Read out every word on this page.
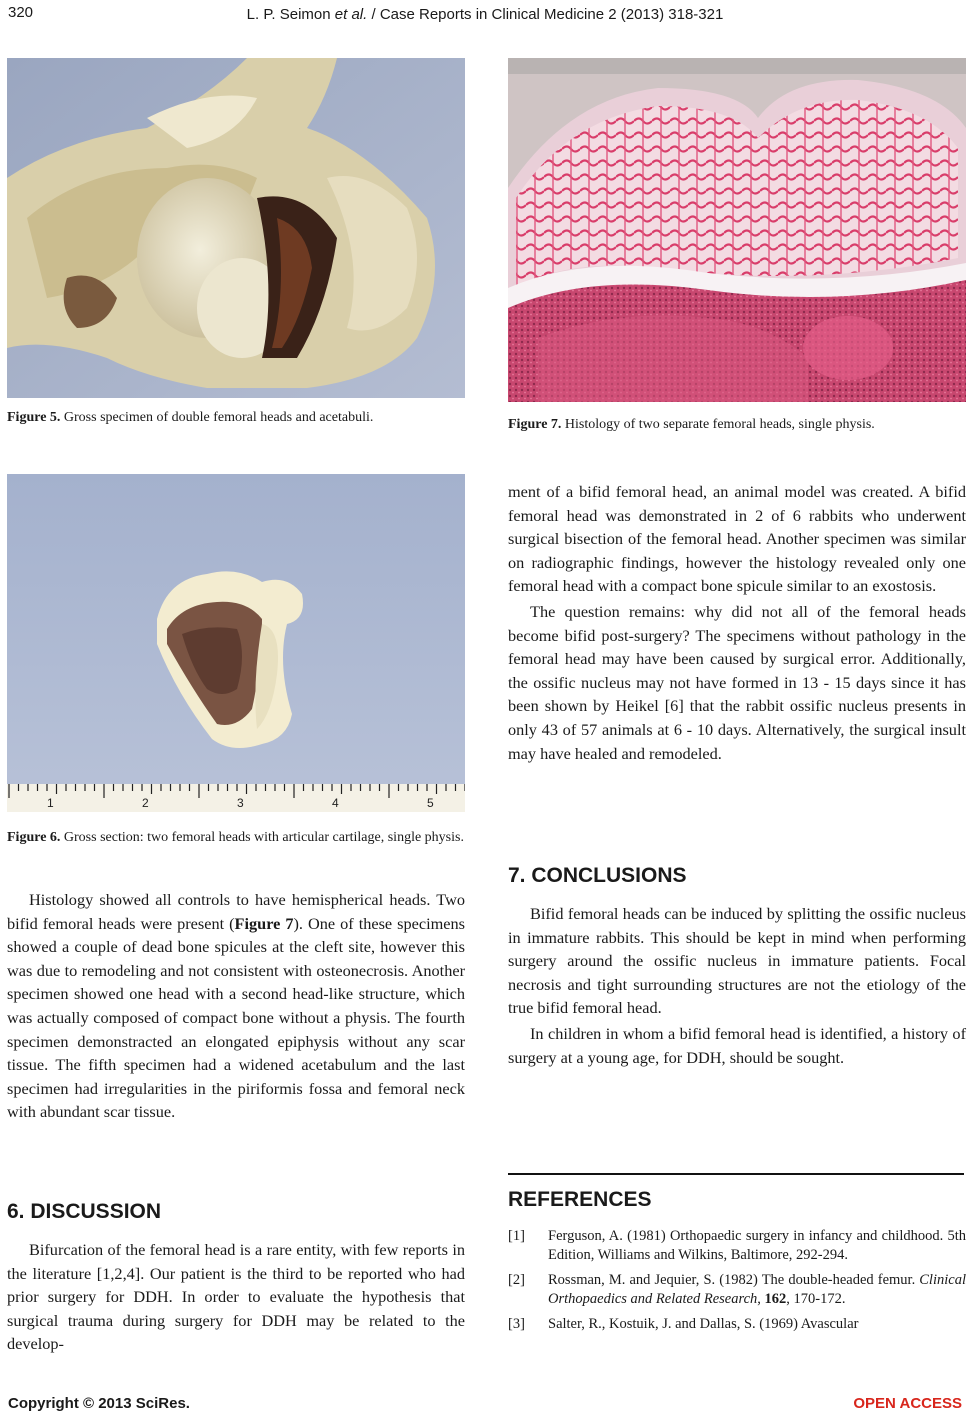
320	L. P. Seimon et al. / Case Reports in Clinical Medicine 2 (2013) 318-321
Figure 5. Gross specimen of double femoral heads and acetabuli.
1	2	3	4	5
Figure 6. Gross section: two femoral heads with articular cartilage, single physis.

Histology showed all controls to have hemispherical heads. Two bifid femoral heads were present (Figure 7). One of these specimens showed a couple of dead bone spicules at the cleft site, however this was due to remodeling and not consistent with osteonecrosis. Another specimen showed one head with a second head-like structure, which was actually composed of compact bone without a physis. The fourth specimen demonstracted an elongated epiphysis without any scar tissue. The fifth specimen had a widened acetabulum and the last specimen had irregularities in the piriformis fossa and femoral neck with abundant scar tissue.

6. DISCUSSION

Bifurcation of the femoral head is a rare entity, with few reports in the literature [1,2,4]. Our patient is the third to be reported who had prior surgery for DDH. In order to evaluate the hypothesis that surgical trauma during surgery for DDH may be related to the develop-

Figure 7. Histology of two separate femoral heads, single physis.

ment of a bifid femoral head, an animal model was created. A bifid femoral head was demonstrated in 2 of 6 rabbits who underwent surgical bisection of the femoral head. Another specimen was similar on radiographic findings, however the histology revealed only one femoral head with a compact bone spicule similar to an exostosis.

The question remains: why did not all of the femoral heads become bifid post-surgery? The specimens without pathology in the femoral head may have been caused by surgical error. Additionally, the ossific nucleus may not have formed in 13 - 15 days since it has been shown by Heikel [6] that the rabbit ossific nucleus presents in only 43 of 57 animals at 6 - 10 days. Alternatively, the surgical insult may have healed and remodeled.

7. CONCLUSIONS

Bifid femoral heads can be induced by splitting the ossific nucleus in immature rabbits. This should be kept in mind when performing surgery around the ossific nucleus in immature patients. Focal necrosis and tight surrounding structures are not the etiology of the true bifid femoral head.

In children in whom a bifid femoral head is identified, a history of surgery at a young age, for DDH, should be sought.

REFERENCES
[1]	Ferguson, A. (1981) Orthopaedic surgery in infancy and childhood. 5th Edition, Williams and Wilkins, Baltimore, 292-294.
[2]	Rossman, M. and Jequier, S. (1982) The double-headed femur. Clinical Orthopaedics and Related Research, 162, 170-172.
[3]	Salter, R., Kostuik, J. and Dallas, S. (1969) Avascular
Copyright © 2013 SciRes.	OPEN ACCESS
